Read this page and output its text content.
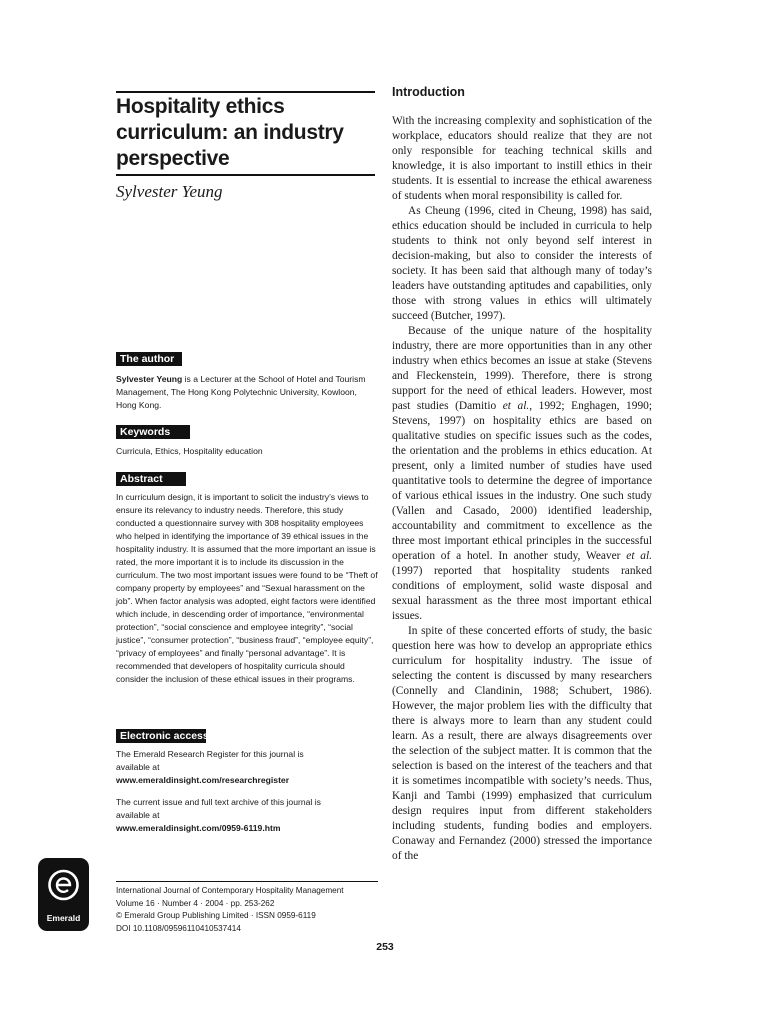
Hospitality ethics
curriculum: an industry
perspective
Sylvester Yeung
The author
Sylvester Yeung is a Lecturer at the School of Hotel and Tourism Management, The Hong Kong Polytechnic University, Kowloon, Hong Kong.
Keywords
Curricula, Ethics, Hospitality education
Abstract
In curriculum design, it is important to solicit the industry’s views to ensure its relevancy to industry needs. Therefore, this study conducted a questionnaire survey with 308 hospitality employees who helped in identifying the importance of 39 ethical issues in the hospitality industry. It is assumed that the more important an issue is rated, the more important it is to include its discussion in the curriculum. The two most important issues were found to be “Theft of company property by employees” and “Sexual harassment on the job”. When factor analysis was adopted, eight factors were identified which include, in descending order of importance, “environmental protection”, “social conscience and employee integrity”, “social justice”, “consumer protection”, “business fraud”, “employee equity”, “privacy of employees” and finally “personal advantage”. It is recommended that developers of hospitality curricula should consider the inclusion of these ethical issues in their programs.
Electronic access
The Emerald Research Register for this journal is available at
www.emeraldinsight.com/researchregister
The current issue and full text archive of this journal is available at
www.emeraldinsight.com/0959-6119.htm
Emerald
International Journal of Contemporary Hospitality Management
Volume 16 · Number 4 · 2004 · pp. 253-262
© Emerald Group Publishing Limited · ISSN 0959-6119
DOI 10.1108/09596110410537414
Introduction

With the increasing complexity and sophistication of the workplace, educators should realize that they are not only responsible for teaching technical skills and knowledge, it is also important to instill ethics in their students. It is essential to increase the ethical awareness of students when moral responsibility is called for.

As Cheung (1996, cited in Cheung, 1998) has said, ethics education should be included in curricula to help students to think not only beyond self interest in decision-making, but also to consider the interests of society. It has been said that although many of today’s leaders have outstanding aptitudes and capabilities, only those with strong values in ethics will ultimately succeed (Butcher, 1997).

Because of the unique nature of the hospitality industry, there are more opportunities than in any other industry when ethics becomes an issue at stake (Stevens and Fleckenstein, 1999). Therefore, there is strong support for the need of ethical leaders. However, most past studies (Damitio et al., 1992; Enghagen, 1990; Stevens, 1997) on hospitality ethics are based on qualitative studies on specific issues such as the codes, the orientation and the problems in ethics education. At present, only a limited number of studies have used quantitative tools to determine the degree of importance of various ethical issues in the industry. One such study (Vallen and Casado, 2000) identified leadership, accountability and commitment to excellence as the three most important ethical principles in the successful operation of a hotel. In another study, Weaver et al. (1997) reported that hospitality students ranked conditions of employment, solid waste disposal and sexual harassment as the three most important ethical issues.

In spite of these concerted efforts of study, the basic question here was how to develop an appropriate ethics curriculum for hospitality industry. The issue of selecting the content is discussed by many researchers (Connelly and Clandinin, 1988; Schubert, 1986). However, the major problem lies with the difficulty that there is always more to learn than any student could learn. As a result, there are always disagreements over the selection of the subject matter. It is common that the selection is based on the interest of the teachers and that it is sometimes incompatible with society’s needs. Thus, Kanji and Tambi (1999) emphasized that curriculum design requires input from different stakeholders including students, funding bodies and employers. Conaway and Fernandez (2000) stressed the importance of the

253
